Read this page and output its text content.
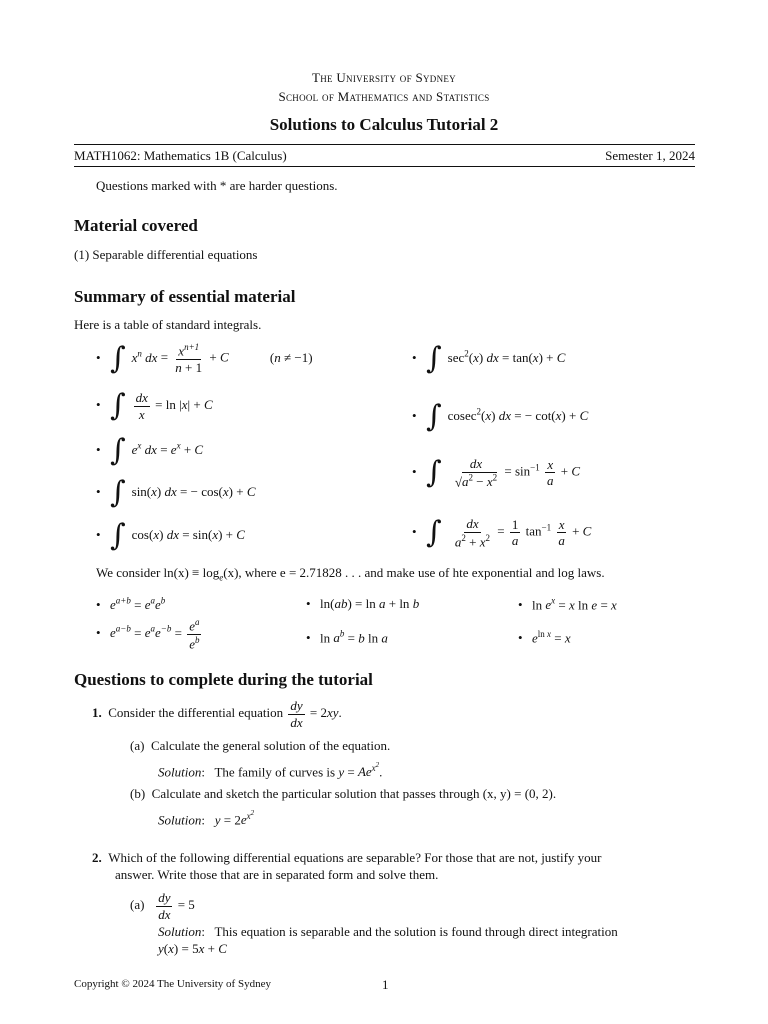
The University of Sydney
School of Mathematics and Statistics
Solutions to Calculus Tutorial 2
MATH1062: Mathematics 1B (Calculus)	Semester 1, 2024
Questions marked with * are harder questions.
Material covered
(1) Separable differential equations
Summary of essential material
Here is a table of standard integrals.
• ∫ $x^n$ dx = $\frac{x^{n+1}}{n + 1} + C$	(n ≠ −1)
• ∫ $\frac{dx}{x} = \ln |x| + C$
• ∫ $e^x$ dx = $e^x + C$
• ∫ sin(x) dx = − cos(x) + C
• ∫ cos(x) dx = sin(x) + C
• ∫ $\sec^2(x)$ dx = tan(x) + C
• ∫ cosec$^2$(x) dx = − cot(x) + C
• ∫ $\frac{dx}{√a^2 - x^2} = \sin^{-1} \frac{x}{a} + C$
• ∫ $\frac{dx}{a^2 + x^2} = \frac{1}{a} \tan^{-1} \frac{x}{a} + C$
We consider $\ln(x) \equiv \log_e(x)$, where e = 2.71828 . . . and make use of hte exponential and log laws.
• $e^{a+b} = e^ae^b$	• ln(ab) = ln a + ln b	• $\ln e^x = x$ ln e = x
• $e^{a-b} = e^ae^{-b} = \frac{e^a}{e^b}$	• $\ln a^b = b$ ln a	• $e^{ln x} = x$
Questions to complete during the tutorial
1. Consider the differential equation $\frac{dy}{dx} = 2xy$.
(a) Calculate the general solution of the equation.
Solution:   The family of curves is $y = Ae^{x^2}$.
(b) Calculate and sketch the particular solution that passes through (x, y) = (0, 2).
Solution:   $y = 2e^{x^2}$
2. Which of the following differential equations are separable? For those that are not, justify your
answer. Write those that are in separated form and solve them.
$(a) \frac{dy}{dx} = 5$
Solution:   This equation is separable and the solution is found through direct integration
y(x) = 5x + C
Copyright © 2024 The University of Sydney	1
